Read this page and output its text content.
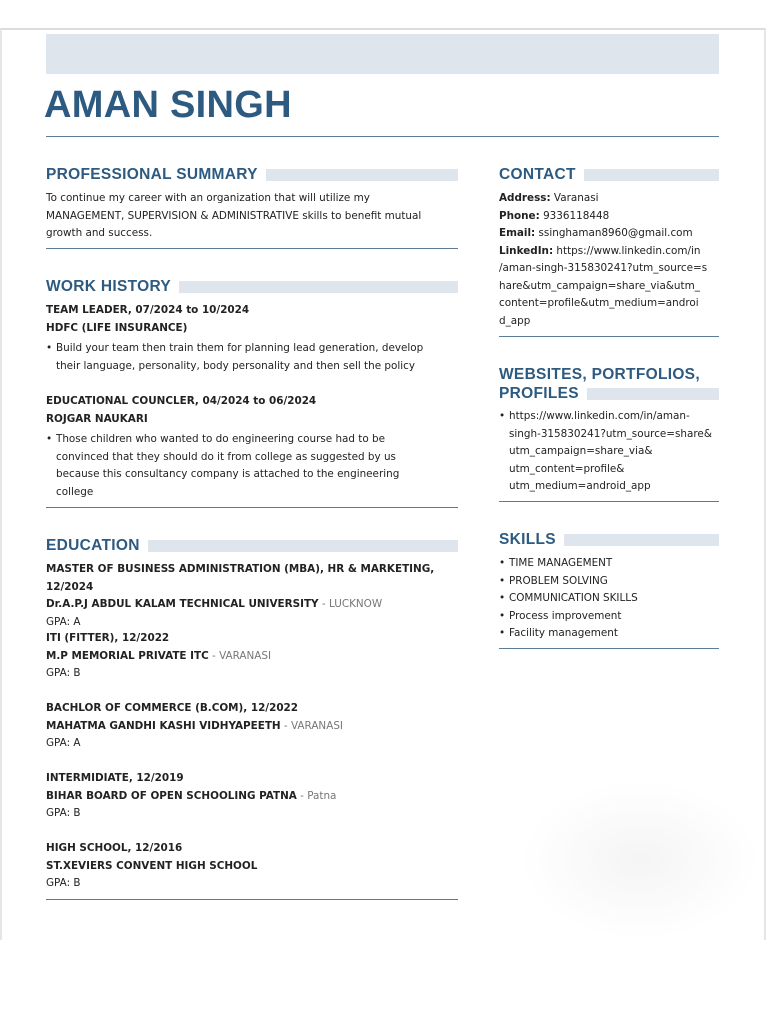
AMAN SINGH
PROFESSIONAL SUMMARY
To continue my career with an organization that will utilize my
MANAGEMENT, SUPERVISION & ADMINISTRATIVE skills to benefit mutual
growth and success.
WORK HISTORY
TEAM LEADER, 07/2024 to 10/2024
HDFC (LIFE INSURANCE)
• Build your team then train them for planning lead generation, develop
their language, personality, body personality and then sell the policy
EDUCATIONAL COUNCLER, 04/2024 to 06/2024
ROJGAR NAUKARI
• Those children who wanted to do engineering course had to be
convinced that they should do it from college as suggested by us
because this consultancy company is attached to the engineering
college
EDUCATION
MASTER OF BUSINESS ADMINISTRATION (MBA), HR & MARKETING, 12/2024
Dr.A.P.J ABDUL KALAM TECHNICAL UNIVERSITY - LUCKNOW
GPA: A
ITI (FITTER), 12/2022
M.P MEMORIAL PRIVATE ITC - VARANASI
GPA: B
BACHLOR OF COMMERCE (B.COM), 12/2022
MAHATMA GANDHI KASHI VIDHYAPEETH - VARANASI
GPA: A
INTERMIDIATE, 12/2019
BIHAR BOARD OF OPEN SCHOOLING PATNA - Patna
GPA: B
HIGH SCHOOL, 12/2016
ST.XEVIERS CONVENT HIGH SCHOOL
GPA: B
CONTACT
Address: Varanasi
Phone: 9336118448
Email: ssinghaman8960@gmail.com
LinkedIn: https://www.linkedin.com/in
/aman-singh-315830241?utm_source=s
hare&utm_campaign=share_via&utm_
content=profile&utm_medium=androi
d_app
WEBSITES, PORTFOLIOS,
PROFILES
• https://www.linkedin.com/in/aman-
singh-315830241?utm_source=share&
utm_campaign=share_via&
utm_content=profile&
utm_medium=android_app
SKILLS
• TIME MANAGEMENT
• PROBLEM SOLVING
• COMMUNICATION SKILLS
• Process improvement
• Facility management
